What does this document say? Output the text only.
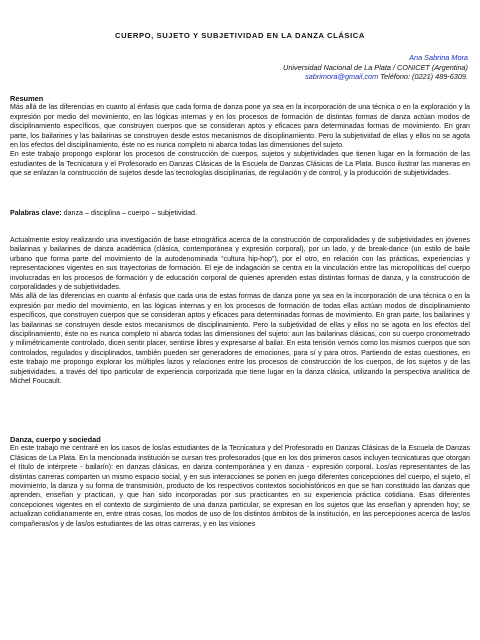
CUERPO, SUJETO Y SUBJETIVIDAD EN LA DANZA CLÁSICA
Ana Sabrina Mora
Universidad Nacional de La Plata / CONICET (Argentina)
sabrimora@gmail.com Teléfono: (0221) 489-6309.
Resumen

Más allá de las diferencias en cuanto al énfasis que cada forma de danza pone ya sea en la incorporación de una técnica o en la exploración y la expresión por medio del movimiento, en las lógicas internas y en los procesos de formación de distintas formas de danza actúan modos de disciplinamiento específicos, que construyen cuerpos que se consideran aptos y eficaces para determinadas formas de movimiento. En gran parte, los bailarines y las bailarinas se construyen desde estos mecanismos de disciplinamiento. Pero la subjetividad de ellas y ellos no se agota en los efectos del disciplinamiento, éste no es nunca completo ni abarca todas las dimensiones del sujeto.

En este trabajo propongo explorar los procesos de construcción de cuerpos, sujetos y subjetividades que tienen lugar en la formación de las estudiantes de la Tecnicatura y el Profesorado en Danzas Clásicas de la Escuela de Danzas Clásicas de La Plata. Busco ilustrar las maneras en que se enlazan la construcción de sujetos desde las tecnologías disciplinarias, de regulación y de control, y la producción de subjetividades.

Palabras clave: danza – disciplina – cuerpo – subjetividad.

Actualmente estoy realizando una investigación de base etnográfica acerca de la construcción de corporalidades y de subjetividades en jóvenes bailarinas y bailarines de danza académica (clásica, contemporánea y expresión corporal), por un lado, y de break-dance (un estilo de baile urbano que forma parte del movimiento de la autodenominada “cultura hip-hop”), por el otro, en relación con las prácticas, experiencias y representaciones vigentes en sus trayectorias de formación. El eje de indagación se centra en la vinculación entre las micropolíticas del cuerpo involucradas en los procesos de formación y de educación corporal de quienes aprenden estas distintas formas de danza, y la construcción de corporalidades y de subjetividades.

Más allá de las diferencias en cuanto al énfasis que cada una de estas formas de danza pone ya sea en la incorporación de una técnica o en la expresión por medio del movimiento, en las lógicas internas y en los procesos de formación de todas ellas actúan modos de disciplinamiento específicos, que construyen cuerpos que se consideran aptos y eficaces para determinadas formas de movimiento. En gran parte, los bailarines y las bailarinas se construyen desde estos mecanismos de disciplinamiento. Pero la subjetividad de ellas y ellos no se agota en los efectos del disciplinamiento, éste no es nunca completo ni abarca todas las dimensiones del sujeto: aun las bailarinas clásicas, con su cuerpo cronometrado y milimétricamente controlado, dicen sentir placer, sentirse libres y expresarse al bailar. En esta tensión vemos como los mismos cuerpos que son controlados, regulados y disciplinados, también pueden ser generadores de emociones, para sí y para otros. Partiendo de estas cuestiones, en este trabajo me propongo explorar los múltiples lazos y relaciones entre los procesos de construcción de los cuerpos, de los sujetos y de las subjetividades, a través del tipo particular de experiencia corporizada que tiene lugar en la danza clásica, utilizando la perspectiva analítica de Michel Foucault.

Danza, cuerpo y sociedad

En este trabajo me centraré en los casos de los/as estudiantes de la Tecnicatura y del Profesorado en Danzas Clásicas de la Escuela de Danzas Clásicas de La Plata. En la mencionada institución se cursan tres profesorados (que en los dos primeros casos incluyen tecnicaturas que otorgan el título de intérprete - bailarín): en danzas clásicas, en danza contemporánea y en danza - expresión corporal. Los/as representantes de las distintas carreras comparten un mismo espacio social, y en sus interacciones se ponen en juego diferentes concepciones del cuerpo, el sujeto, el movimiento, la danza y su forma de transmisión, producto de los respectivos contextos sociohistóricos en que se han constituido las danzas que aprenden, enseñan y practican, y que han sido incorporadas por sus practicantes en su experiencia práctica cotidiana. Esas diferentes concepciones vigentes en el contexto de surgimiento de una danza particular, se expresan en los sujetos que las enseñan y aprenden hoy; se actualizan cotidianamente en, entre otras cosas, los modos de uso de los distintos ámbitos de la institución, en las percepciones acerca de las/os compañeras/os y de las/os estudiantes de las otras carreras, y en las visiones
